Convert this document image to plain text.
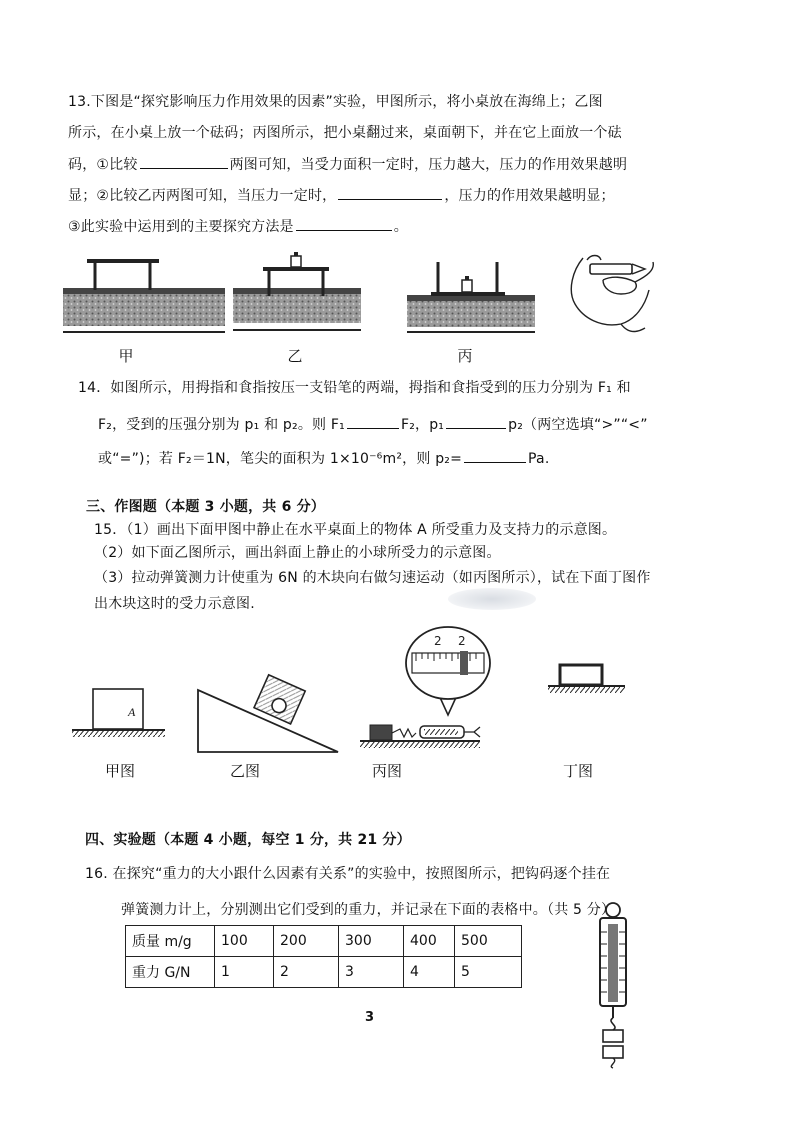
13.下图是“探究影响压力作用效果的因素”实验，甲图所示，将小桌放在海绵上；乙图
所示，在小桌上放一个砝码；丙图所示，把小桌翻过来，桌面朝下，并在它上面放一个砝
码，①比较	两图可知，当受力面积一定时，压力越大，压力的作用效果越明
显；②比较乙丙两图可知，当压力一定时，	，压力的作用效果越明显；
③此实验中运用到的主要探究方法是	。
甲	乙	丙
14．如图所示，用拇指和食指按压一支铅笔的两端，拇指和食指受到的压力分别为 F₁ 和
F₂，受到的压强分别为 p₁ 和 p₂。则 F₁	F₂，p₁	p₂（两空选填“>”“<”
或“=”)；若 F₂＝1N，笔尖的面积为 1×10⁻⁶m²，则 p₂=	Pa.
三、作图题（本题 3 小题，共 6 分）
15．（1）画出下面甲图中静止在水平桌面上的物体 A 所受重力及支持力的示意图。
（2）如下面乙图所示，画出斜面上静止的小球所受力的示意图。
（3）拉动弹簧测力计使重为 6N 的木块向右做匀速运动（如丙图所示），试在下面丁图作
出木块这时的受力示意图.
2 2
A
甲图	乙图	丙图	丁图
四、实验题（本题 4 小题，每空 1 分，共 21 分）
16. 在探究“重力的大小跟什么因素有关系”的实验中，按照图所示，把钩码逐个挂在
弹簧测力计上，分别测出它们受到的重力，并记录在下面的表格中。（共 5 分）
质量 m/g	100	200	300	400	500
重力 G/N	1	2	3	4	5
3
